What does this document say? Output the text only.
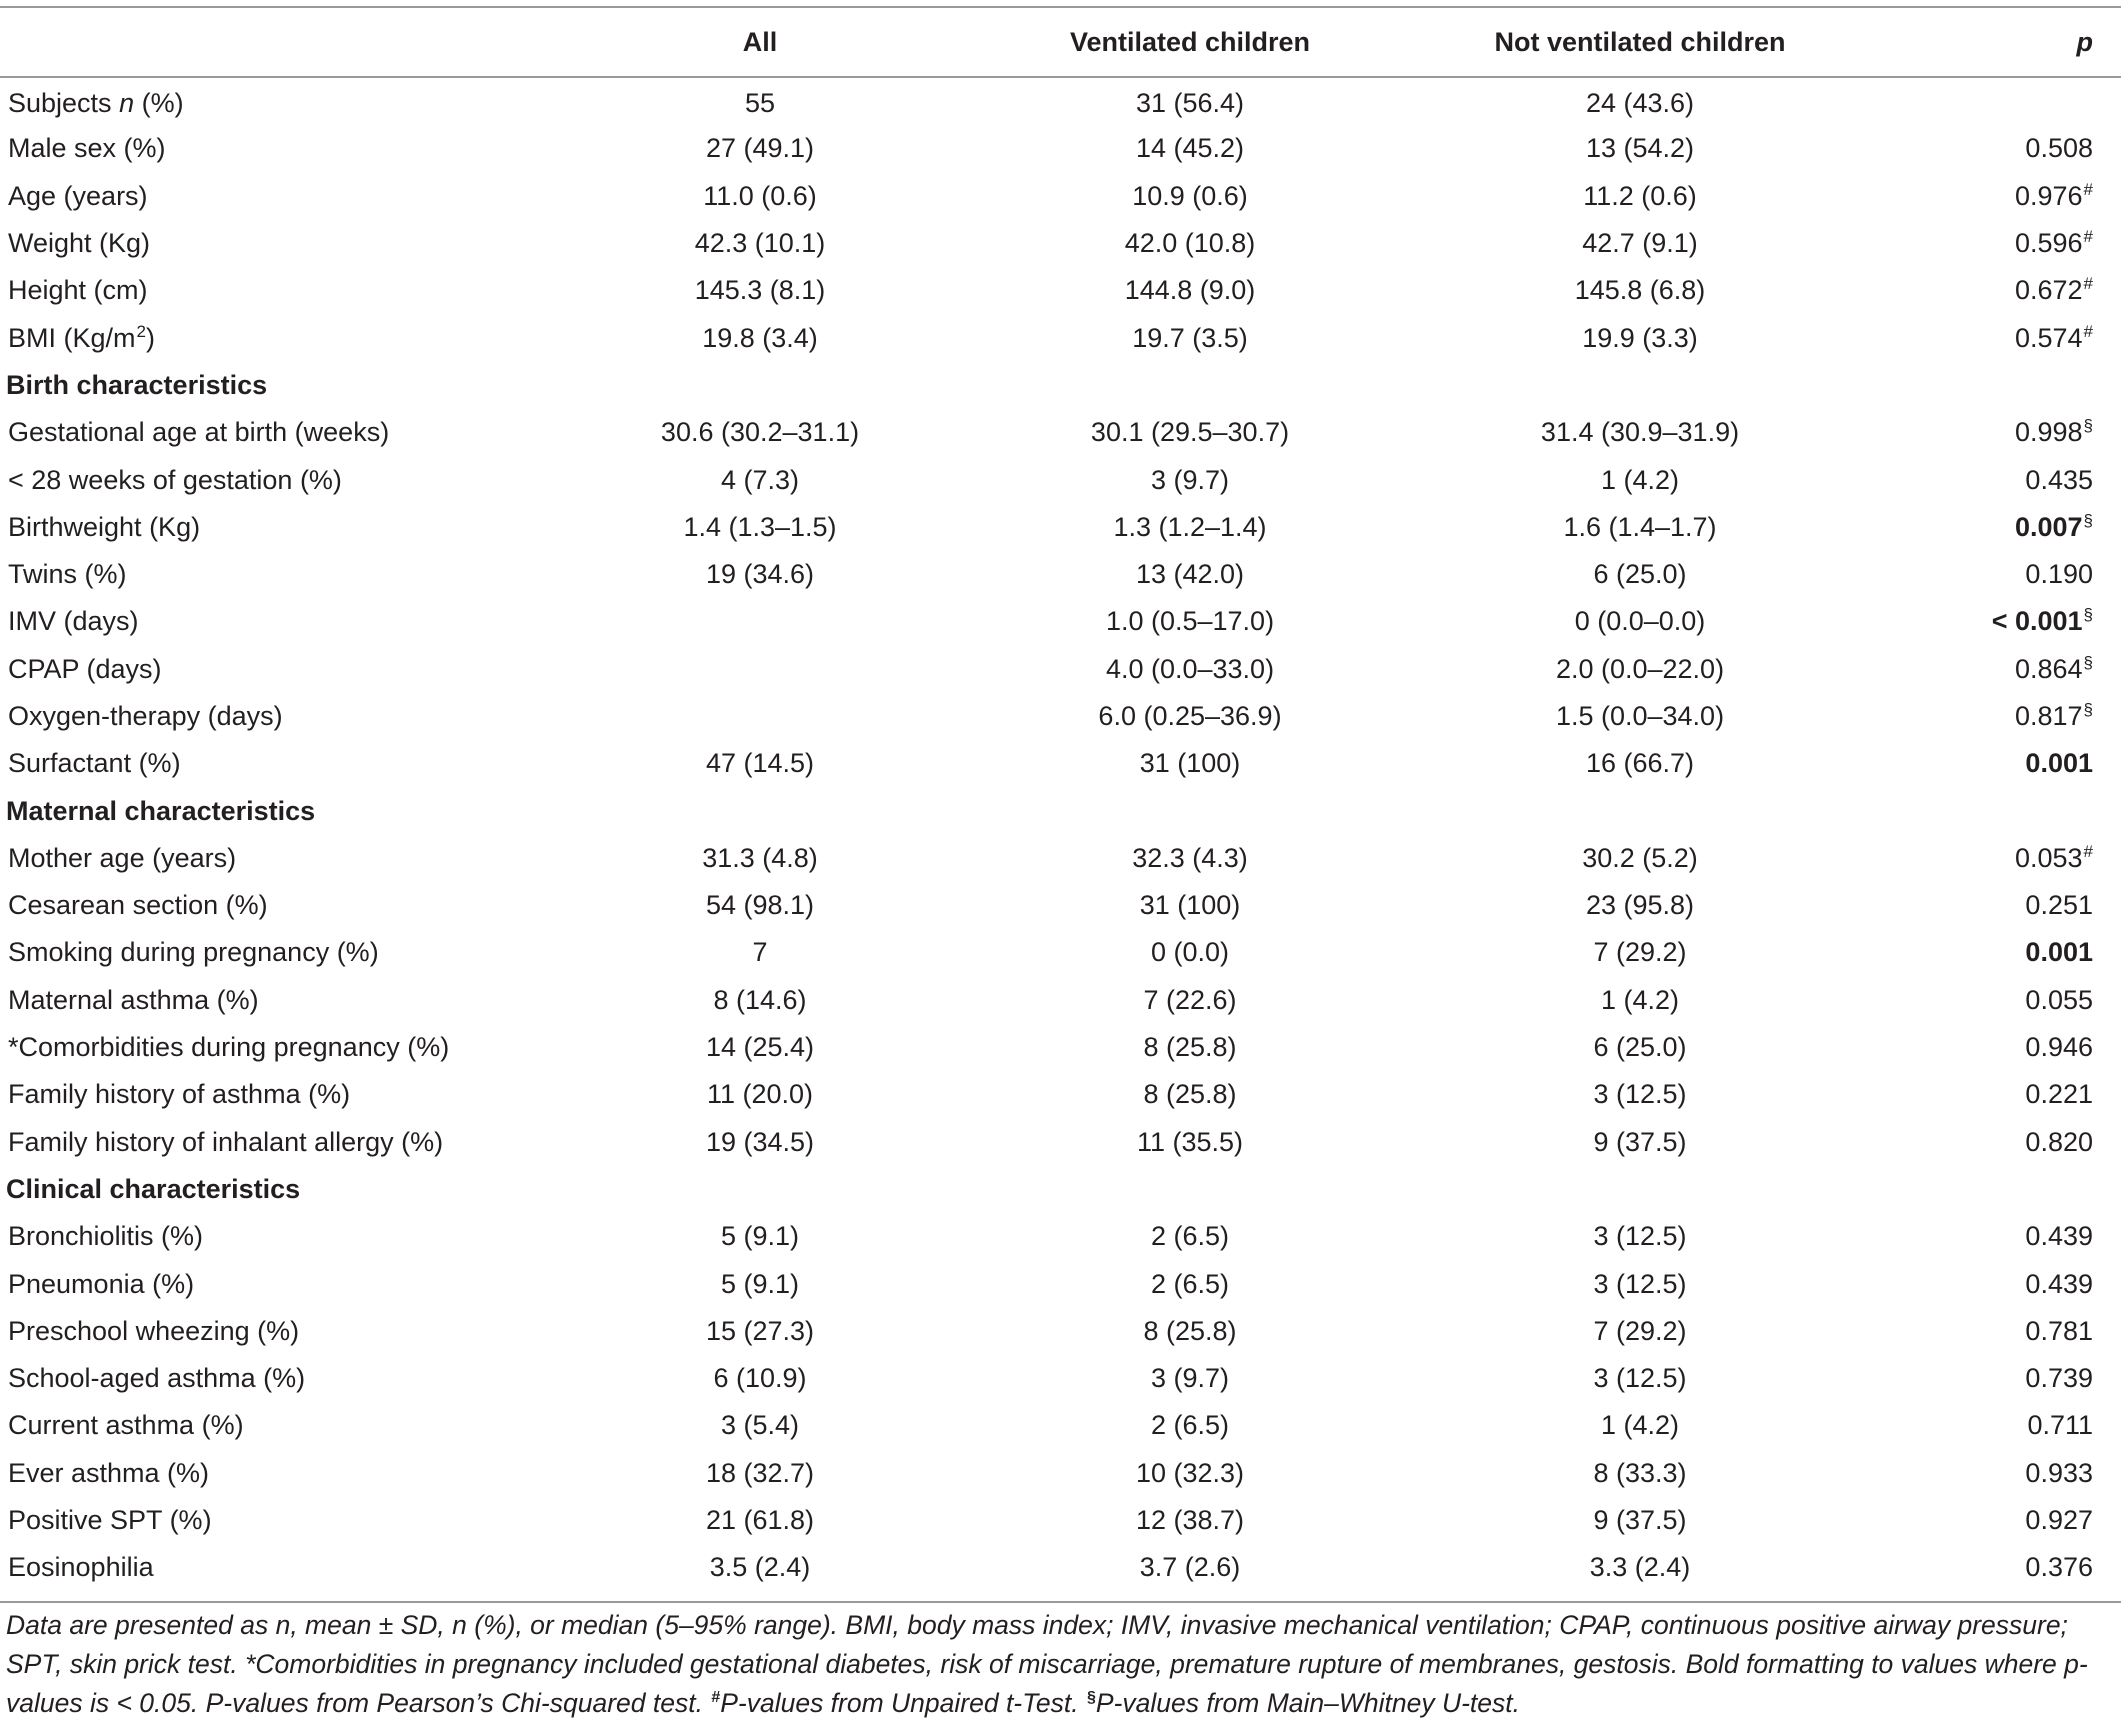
	All	Ventilated children	Not ventilated children	p
Subjects n (%)	55	31 (56.4)	24 (43.6)	
Male sex (%)	27 (49.1)	14 (45.2)	13 (54.2)	0.508
Age (years)	11.0 (0.6)	10.9 (0.6)	11.2 (0.6)	0.976#
Weight (Kg)	42.3 (10.1)	42.0 (10.8)	42.7 (9.1)	0.596#
Height (cm)	145.3 (8.1)	144.8 (9.0)	145.8 (6.8)	0.672#
BMI $(Kg/m^2)$	19.8 (3.4)	19.7 (3.5)	19.9 (3.3)	0.574#
Birth characteristics				
Gestational age at birth (weeks)	30.6 (30.2–31.1)	30.1 (29.5–30.7)	31.4 (30.9–31.9)	0.998§
< 28 weeks of gestation (%)	4 (7.3)	3 (9.7)	1 (4.2)	0.435
Birthweight (Kg)	1.4 (1.3–1.5)	1.3 (1.2–1.4)	1.6 (1.4–1.7)	0.007§
Twins (%)	19 (34.6)	13 (42.0)	6 (25.0)	0.190
IMV (days)		1.0 (0.5–17.0)	0 (0.0–0.0)	< 0.001§
CPAP (days)		4.0 (0.0–33.0)	2.0 (0.0–22.0)	0.864§
Oxygen-therapy (days)		6.0 (0.25–36.9)	1.5 (0.0–34.0)	0.817§
Surfactant (%)	47 (14.5)	31 (100)	16 (66.7)	0.001
Maternal characteristics				
Mother age (years)	31.3 (4.8)	32.3 (4.3)	30.2 (5.2)	0.053#
Cesarean section (%)	54 (98.1)	31 (100)	23 (95.8)	0.251
Smoking during pregnancy (%)	7	0 (0.0)	7 (29.2)	0.001
Maternal asthma (%)	8 (14.6)	7 (22.6)	1 (4.2)	0.055
*Comorbidities during pregnancy (%)	14 (25.4)	8 (25.8)	6 (25.0)	0.946
Family history of asthma (%)	11 (20.0)	8 (25.8)	3 (12.5)	0.221
Family history of inhalant allergy (%)	19 (34.5)	11 (35.5)	9 (37.5)	0.820
Clinical characteristics				
Bronchiolitis (%)	5 (9.1)	2 (6.5)	3 (12.5)	0.439
Pneumonia (%)	5 (9.1)	2 (6.5)	3 (12.5)	0.439
Preschool wheezing (%)	15 (27.3)	8 (25.8)	7 (29.2)	0.781
School-aged asthma (%)	6 (10.9)	3 (9.7)	3 (12.5)	0.739
Current asthma (%)	3 (5.4)	2 (6.5)	1 (4.2)	0.711
Ever asthma (%)	18 (32.7)	10 (32.3)	8 (33.3)	0.933
Positive SPT (%)	21 (61.8)	12 (38.7)	9 (37.5)	0.927
Eosinophilia	3.5 (2.4)	3.7 (2.6)	3.3 (2.4)	0.376
Data are presented as n, mean ± SD, n (%), or median (5–95% range). BMI, body mass index; IMV, invasive mechanical ventilation; CPAP, continuous positive airway pressure; SPT, skin prick test. *Comorbidities in pregnancy included gestational diabetes, risk of miscarriage, premature rupture of membranes, gestosis. Bold formatting to values where p-values is < 0.05. P-values from Pearson’s Chi-squared test. #P-values from Unpaired t-Test. §P-values from Main–Whitney U-test.
